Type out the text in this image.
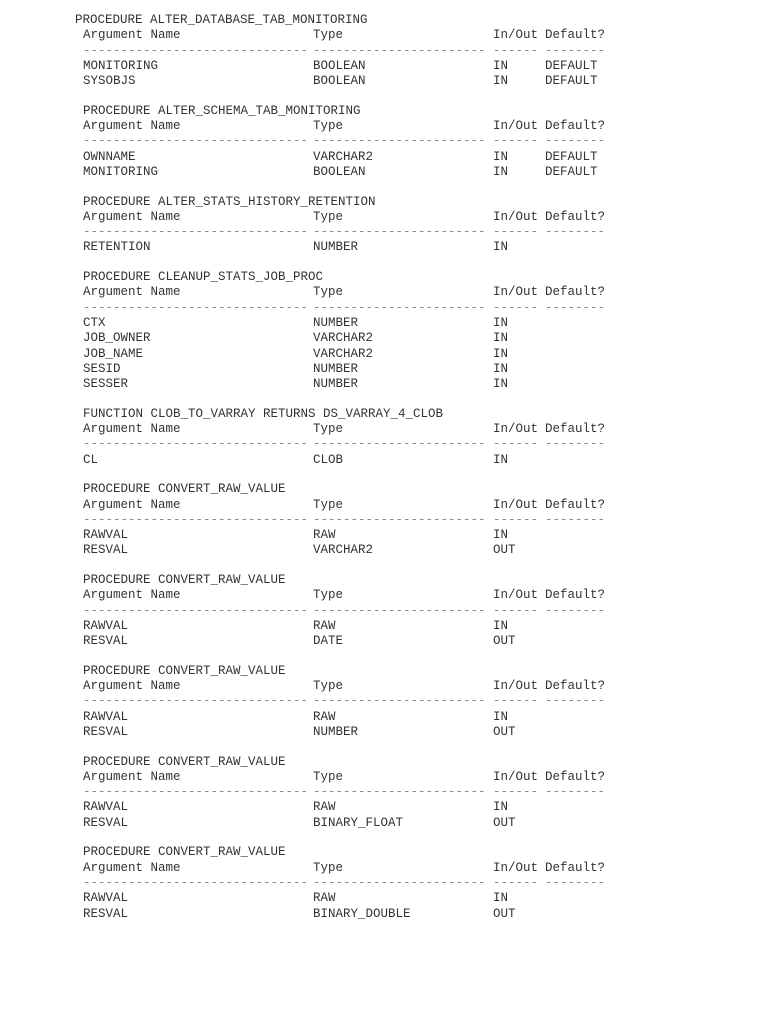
PROCEDURE ALTER_DATABASE_TAB_MONITORING
Argument Name	Type	In/Out Default?
------------------------------ ----------------------- ------ --------
MONITORING	BOOLEAN	IN	DEFAULT
SYSOBJS	BOOLEAN	IN	DEFAULT
PROCEDURE ALTER_SCHEMA_TAB_MONITORING
Argument Name	Type	In/Out Default?
------------------------------ ----------------------- ------ --------
OWNNAME	VARCHAR2	IN	DEFAULT
MONITORING	BOOLEAN	IN	DEFAULT
PROCEDURE ALTER_STATS_HISTORY_RETENTION
Argument Name	Type	In/Out Default?
------------------------------ ----------------------- ------ --------
RETENTION	NUMBER	IN
PROCEDURE CLEANUP_STATS_JOB_PROC
Argument Name	Type	In/Out Default?
------------------------------ ----------------------- ------ --------
CTX	NUMBER	IN
JOB_OWNER	VARCHAR2	IN
JOB_NAME	VARCHAR2	IN
SESID	NUMBER	IN
SESSER	NUMBER	IN
FUNCTION CLOB_TO_VARRAY RETURNS DS_VARRAY_4_CLOB
Argument Name	Type	In/Out Default?
------------------------------ ----------------------- ------ --------
CL	CLOB	IN
PROCEDURE CONVERT_RAW_VALUE
Argument Name	Type	In/Out Default?
------------------------------ ----------------------- ------ --------
RAWVAL	RAW	IN
RESVAL	VARCHAR2	OUT
PROCEDURE CONVERT_RAW_VALUE
Argument Name	Type	In/Out Default?
------------------------------ ----------------------- ------ --------
RAWVAL	RAW	IN
RESVAL	DATE	OUT
PROCEDURE CONVERT_RAW_VALUE
Argument Name	Type	In/Out Default?
------------------------------ ----------------------- ------ --------
RAWVAL	RAW	IN
RESVAL	NUMBER	OUT
PROCEDURE CONVERT_RAW_VALUE
Argument Name	Type	In/Out Default?
------------------------------ ----------------------- ------ --------
RAWVAL	RAW	IN
RESVAL	BINARY_FLOAT	OUT
PROCEDURE CONVERT_RAW_VALUE
Argument Name	Type	In/Out Default?
------------------------------ ----------------------- ------ --------
RAWVAL	RAW	IN
RESVAL	BINARY_DOUBLE	OUT
